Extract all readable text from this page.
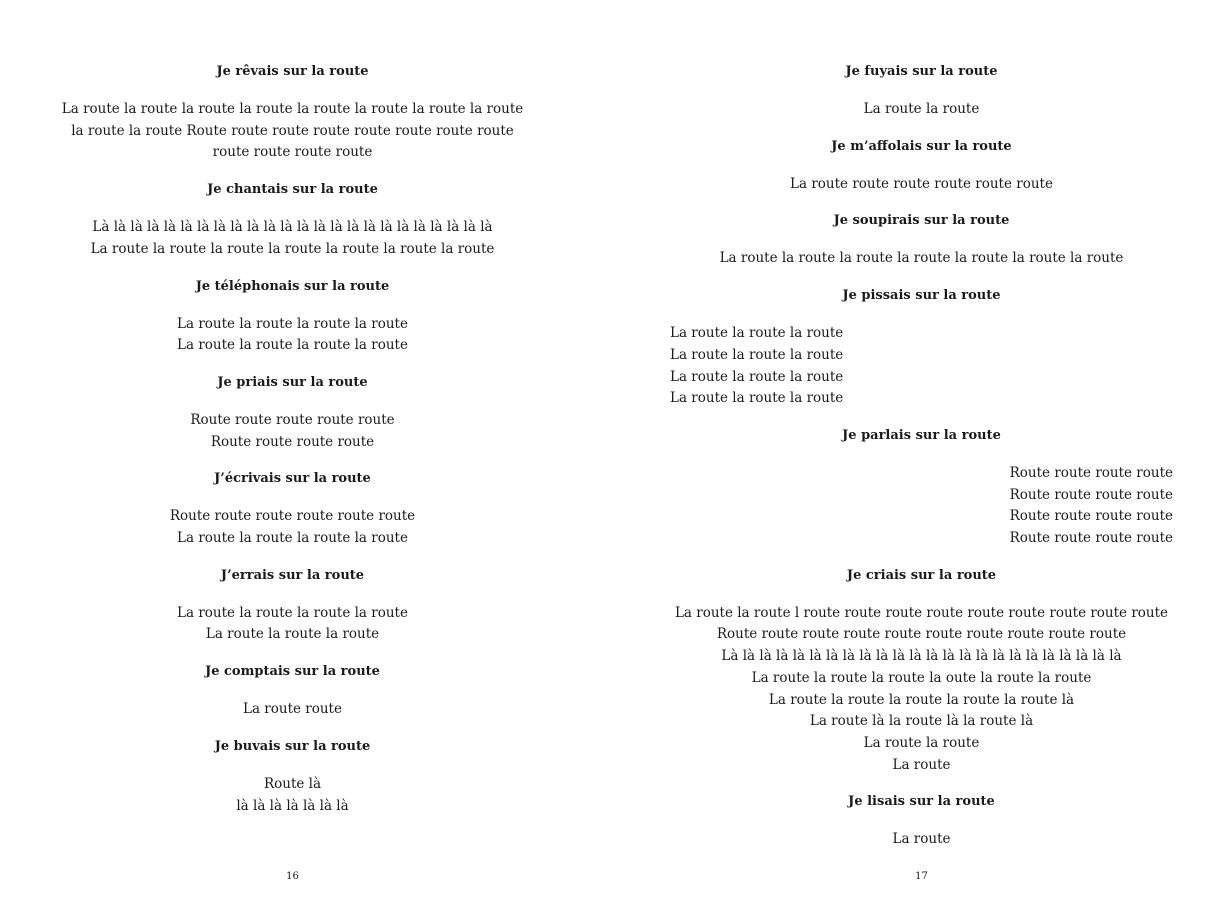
Je rêvais sur la route
La route la route la route la route la route la route la route la route
la route la route Route route route route route route route route
route route route route
Je chantais sur la route
Là là là là là là là là là là là là là là là là là là là là là là là là
La route la route la route la route la route la route la route
Je téléphonais sur la route
La route la route la route la route
La route la route la route la route
Je priais sur la route
Route route route route route
Route route route route
J’écrivais sur la route
Route route route route route route
La route la route la route la route
J’errais sur la route
La route la route la route la route
La route la route la route
Je comptais sur la route
La route route
Je buvais sur la route
Route là
là là là là là là là
16
Je fuyais sur la route
La route la route
Je m’affolais sur la route
La route route route route route route
Je soupirais sur la route
La route la route la route la route la route la route la route
Je pissais sur la route
La route la route la route
La route la route la route
La route la route la route
La route la route la route
Je parlais sur la route
Route route route route
Route route route route
Route route route route
Route route route route
Je criais sur la route
La route la route l route route route route route route route route route
Route route route route route route route route route route
Là là là là là là là là là là là là là là là là là là là là là là là là
La route la route la route la oute la route la route
La route la route la route la route la route là
La route là la route là la route là
La route la route
La route
Je lisais sur la route
La route
17
